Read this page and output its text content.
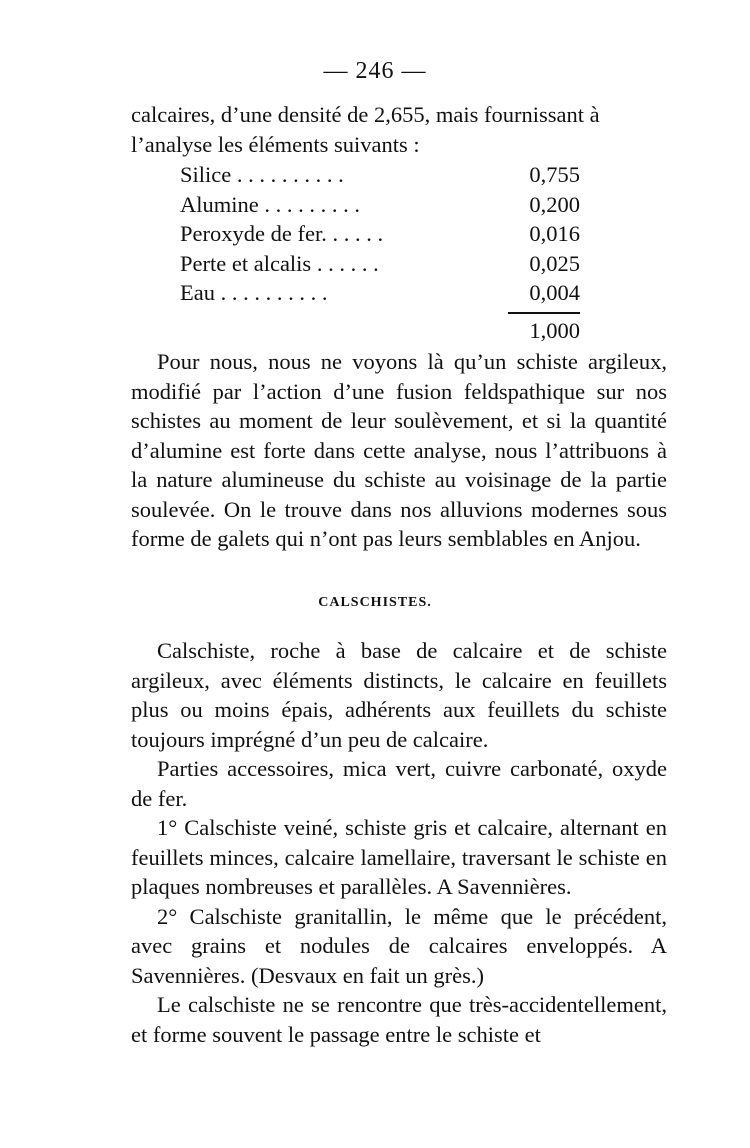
— 246 —

calcaires, d’une densité de 2,655, mais fournissant à

l’analyse les éléments suivants :

Silice . . . . . . . . . .	0,755
Alumine . . . . . . . . .	0,200
Peroxyde de fer. . . . . .	0,016
Perte et alcalis . . . . . .	0,025
Eau . . . . . . . . . .	0,004
1,000

Pour nous, nous ne voyons là qu’un schiste argileux, modifié par l’action d’une fusion feldspathique sur nos schistes au moment de leur soulèvement, et si la quantité d’alumine est forte dans cette analyse, nous l’attribuons à la nature alumineuse du schiste au voisinage de la partie soulevée. On le trouve dans nos alluvions modernes sous forme de galets qui n’ont pas leurs semblables en Anjou.

CALSCHISTES.

Calschiste, roche à base de calcaire et de schiste argileux, avec éléments distincts, le calcaire en feuillets plus ou moins épais, adhérents aux feuillets du schiste toujours imprégné d’un peu de calcaire.

Parties accessoires, mica vert, cuivre carbonaté, oxyde de fer.

1° Calschiste veiné, schiste gris et calcaire, alternant en feuillets minces, calcaire lamellaire, traversant le schiste en plaques nombreuses et parallèles. A Savennières.

2° Calschiste granitallin, le même que le précédent, avec grains et nodules de calcaires enveloppés. A Savennières. (Desvaux en fait un grès.)

Le calschiste ne se rencontre que très-accidentellement, et forme souvent le passage entre le schiste et
